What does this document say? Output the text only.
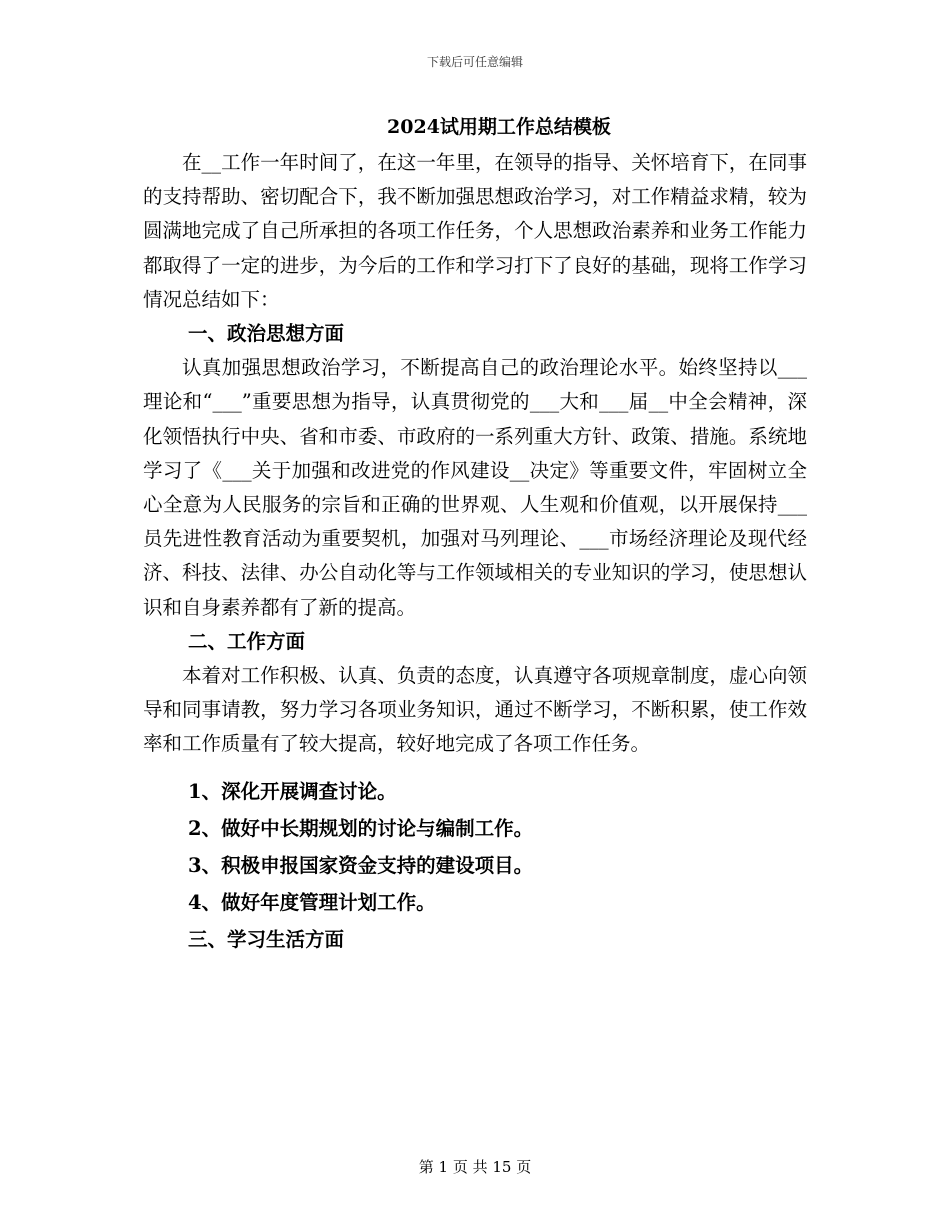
下载后可任意编辑
2024试用期工作总结模板

在__工作一年时间了，在这一年里，在领导的指导、关怀培育下，在同事的支持帮助、密切配合下，我不断加强思想政治学习，对工作精益求精，较为圆满地完成了自己所承担的各项工作任务，个人思想政治素养和业务工作能力都取得了一定的进步，为今后的工作和学习打下了良好的基础，现将工作学习情况总结如下：

一、政治思想方面

认真加强思想政治学习，不断提高自己的政治理论水平。始终坚持以___理论和“___”重要思想为指导，认真贯彻党的___大和___届__中全会精神，深化领悟执行中央、省和市委、市政府的一系列重大方针、政策、措施。系统地学习了《___关于加强和改进党的作风建设__决定》等重要文件，牢固树立全心全意为人民服务的宗旨和正确的世界观、人生观和价值观，以开展保持___员先进性教育活动为重要契机，加强对马列理论、___市场经济理论及现代经济、科技、法律、办公自动化等与工作领域相关的专业知识的学习，使思想认识和自身素养都有了新的提高。

二、工作方面

本着对工作积极、认真、负责的态度，认真遵守各项规章制度，虚心向领导和同事请教，努力学习各项业务知识，通过不断学习，不断积累，使工作效率和工作质量有了较大提高，较好地完成了各项工作任务。

1、深化开展调查讨论。

2、做好中长期规划的讨论与编制工作。

3、积极申报国家资金支持的建设项目。

4、做好年度管理计划工作。

三、学习生活方面

第 1 页 共 15 页
